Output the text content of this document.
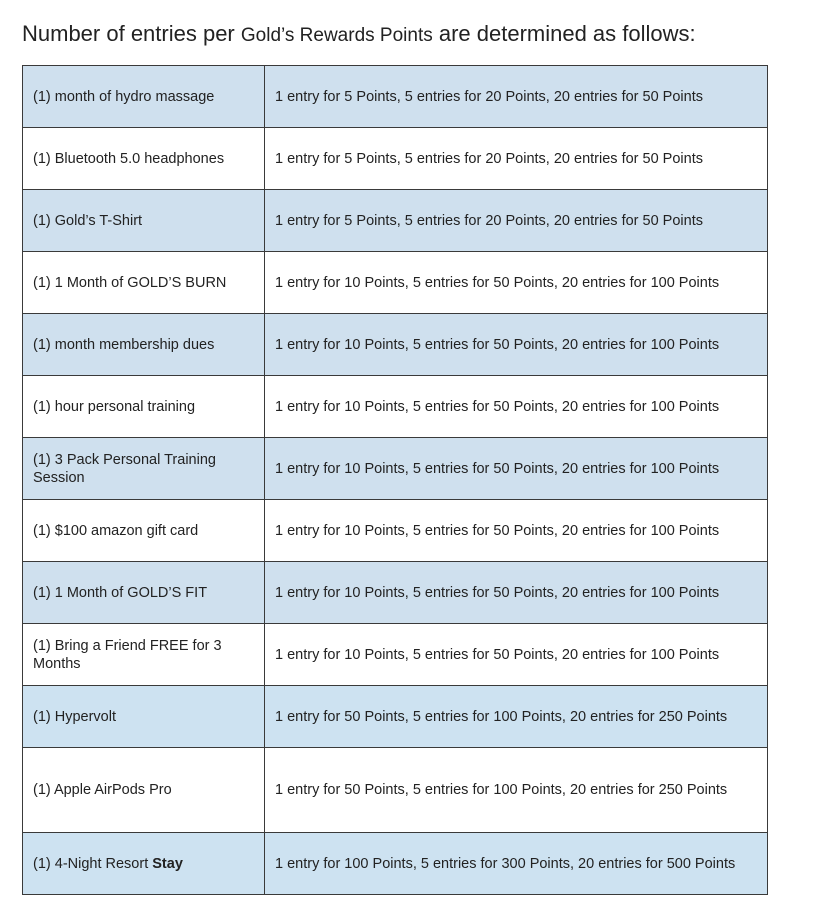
Number of entries per Gold’s Rewards Points are determined as follows:
(1) month of hydro massage	1 entry for 5 Points, 5 entries for 20 Points, 20 entries for 50 Points
(1) Bluetooth 5.0 headphones	1 entry for 5 Points, 5 entries for 20 Points, 20 entries for 50 Points
(1) Gold’s T-Shirt	1 entry for 5 Points, 5 entries for 20 Points, 20 entries for 50 Points
(1) 1 Month of GOLD’S BURN	1 entry for 10 Points, 5 entries for 50 Points, 20 entries for 100 Points
(1) month membership dues	1 entry for 10 Points, 5 entries for 50 Points, 20 entries for 100 Points
(1) hour personal training	1 entry for 10 Points, 5 entries for 50 Points, 20 entries for 100 Points
(1) 3 Pack Personal Training Session	1 entry for 10 Points, 5 entries for 50 Points, 20 entries for 100 Points
(1) $100 amazon gift card	1 entry for 10 Points, 5 entries for 50 Points, 20 entries for 100 Points
(1) 1 Month of GOLD’S FIT	1 entry for 10 Points, 5 entries for 50 Points, 20 entries for 100 Points
(1) Bring a Friend FREE for 3 Months	1 entry for 10 Points, 5 entries for 50 Points, 20 entries for 100 Points
(1) Hypervolt	1 entry for 50 Points, 5 entries for 100 Points, 20 entries for 250 Points
(1) Apple AirPods Pro	1 entry for 50 Points, 5 entries for 100 Points, 20 entries for 250 Points
(1) 4-Night Resort Stay	1 entry for 100 Points, 5 entries for 300 Points, 20 entries for 500 Points
